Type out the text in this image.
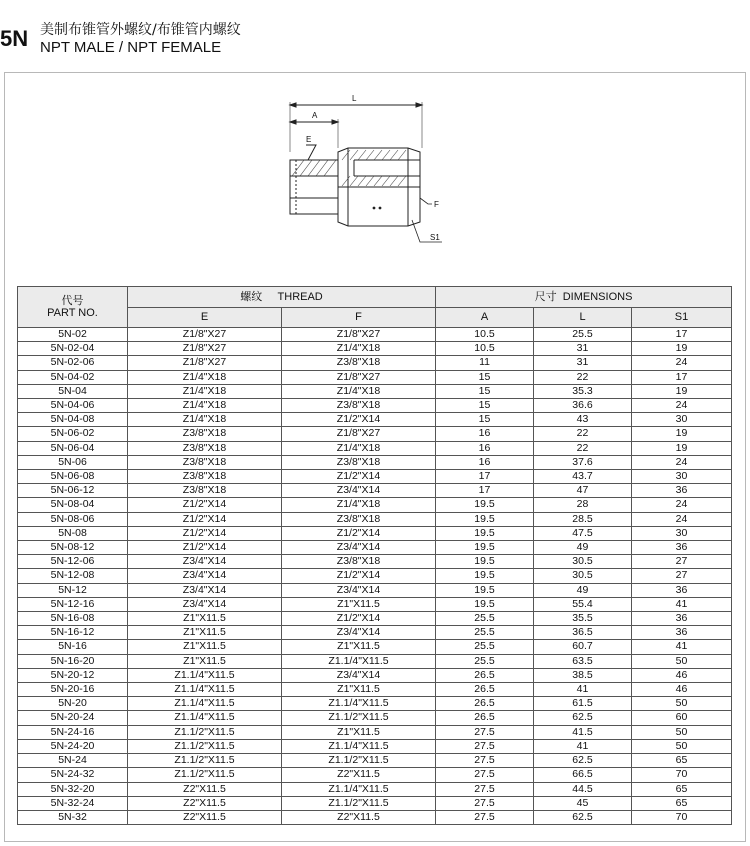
5N 美制布锥管外螺纹/布锥管内螺纹
NPT MALE / NPT FEMALE
L
A
E
F
S1
代号
PART NO.	螺纹 THREAD		尺寸 DIMENSIONS		
	E	F	A	L	S1
5N-02	Z1/8"X27	Z1/8"X27	10.5	25.5	17
5N-02-04	Z1/8"X27	Z1/4"X18	10.5	31	19
5N-02-06	Z1/8"X27	Z3/8"X18	11	31	24
5N-04-02	Z1/4"X18	Z1/8"X27	15	22	17
5N-04	Z1/4"X18	Z1/4"X18	15	35.3	19
5N-04-06	Z1/4"X18	Z3/8"X18	15	36.6	24
5N-04-08	Z1/4"X18	Z1/2"X14	15	43	30
5N-06-02	Z3/8"X18	Z1/8"X27	16	22	19
5N-06-04	Z3/8"X18	Z1/4"X18	16	22	19
5N-06	Z3/8"X18	Z3/8"X18	16	37.6	24
5N-06-08	Z3/8"X18	Z1/2"X14	17	43.7	30
5N-06-12	Z3/8"X18	Z3/4"X14	17	47	36
5N-08-04	Z1/2"X14	Z1/4"X18	19.5	28	24
5N-08-06	Z1/2"X14	Z3/8"X18	19.5	28.5	24
5N-08	Z1/2"X14	Z1/2"X14	19.5	47.5	30
5N-08-12	Z1/2"X14	Z3/4"X14	19.5	49	36
5N-12-06	Z3/4"X14	Z3/8"X18	19.5	30.5	27
5N-12-08	Z3/4"X14	Z1/2"X14	19.5	30.5	27
5N-12	Z3/4"X14	Z3/4"X14	19.5	49	36
5N-12-16	Z3/4"X14	Z1"X11.5	19.5	55.4	41
5N-16-08	Z1"X11.5	Z1/2"X14	25.5	35.5	36
5N-16-12	Z1"X11.5	Z3/4"X14	25.5	36.5	36
5N-16	Z1"X11.5	Z1"X11.5	25.5	60.7	41
5N-16-20	Z1"X11.5	Z1.1/4"X11.5	25.5	63.5	50
5N-20-12	Z1.1/4"X11.5	Z3/4"X14	26.5	38.5	46
5N-20-16	Z1.1/4"X11.5	Z1"X11.5	26.5	41	46
5N-20	Z1.1/4"X11.5	Z1.1/4"X11.5	26.5	61.5	50
5N-20-24	Z1.1/4"X11.5	Z1.1/2"X11.5	26.5	62.5	60
5N-24-16	Z1.1/2"X11.5	Z1"X11.5	27.5	41.5	50
5N-24-20	Z1.1/2"X11.5	Z1.1/4"X11.5	27.5	41	50
5N-24	Z1.1/2"X11.5	Z1.1/2"X11.5	27.5	62.5	65
5N-24-32	Z1.1/2"X11.5	Z2"X11.5	27.5	66.5	70
5N-32-20	Z2"X11.5	Z1.1/4"X11.5	27.5	44.5	65
5N-32-24	Z2"X11.5	Z1.1/2"X11.5	27.5	45	65
5N-32	Z2"X11.5	Z2"X11.5	27.5	62.5	70
